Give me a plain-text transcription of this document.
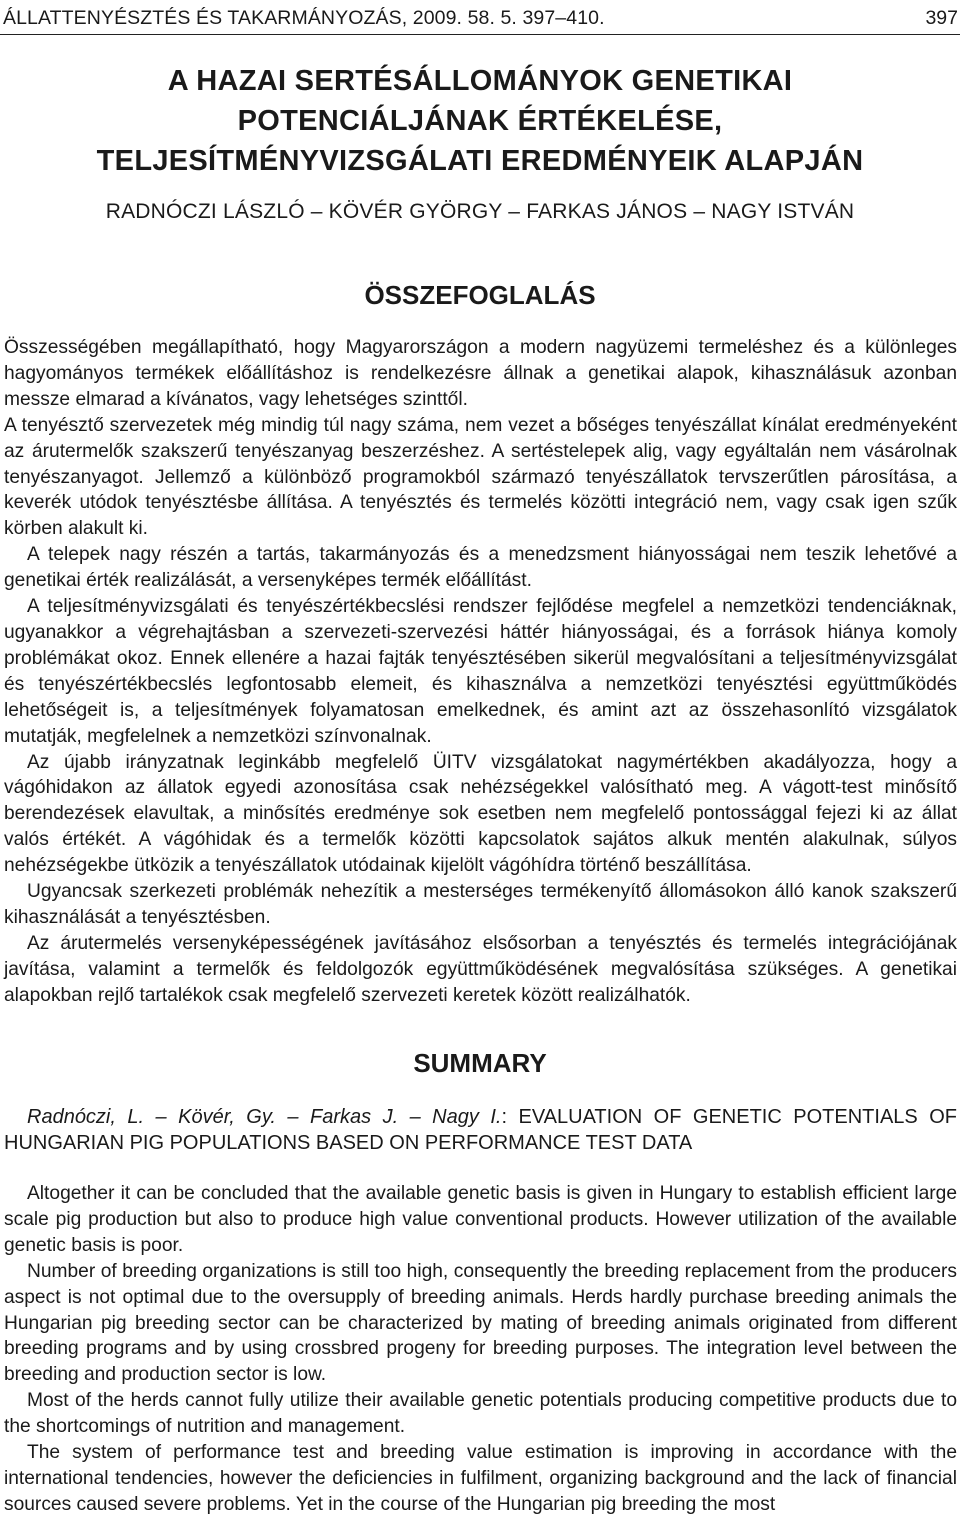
ÁLLATTENYÉSZTÉS ÉS TAKARMÁNYOZÁS, 2009. 58. 5. 397–410.	397
A HAZAI SERTÉSÁLLOMÁNYOK GENETIKAI
POTENCIÁLJÁNAK ÉRTÉKELÉSE,
TELJESÍTMÉNYVIZSGÁLATI EREDMÉNYEIK ALAPJÁN
RADNÓCZI LÁSZLÓ – KÖVÉR GYÖRGY – FARKAS JÁNOS – NAGY ISTVÁN
ÖSSZEFOGLALÁS

Összességében megállapítható, hogy Magyarországon a modern nagyüzemi termeléshez és a különleges hagyományos termékek előállításhoz is rendelkezésre állnak a genetikai alapok, kihasználásuk azonban messze elmarad a kívánatos, vagy lehetséges szinttől.

A tenyésztő szervezetek még mindig túl nagy száma, nem vezet a bőséges tenyészállat kínálat eredményeként az árutermelők szakszerű tenyészanyag beszerzéshez. A sertéstelepek alig, vagy egyáltalán nem vásárolnak tenyészanyagot. Jellemző a különböző programokból származó tenyészállatok tervszerűtlen párosítása, a keverék utódok tenyésztésbe állítása. A tenyésztés és termelés közötti integráció nem, vagy csak igen szűk körben alakult ki.

A telepek nagy részén a tartás, takarmányozás és a menedzsment hiányosságai nem teszik lehetővé a genetikai érték realizálását, a versenyképes termék előállítást.

A teljesítményvizsgálati és tenyészértékbecslési rendszer fejlődése megfelel a nemzetközi tendenciáknak, ugyanakkor a végrehajtásban a szervezeti-szervezési háttér hiányosságai, és a források hiánya komoly problémákat okoz. Ennek ellenére a hazai fajták tenyésztésében sikerül megvalósítani a teljesítményvizsgálat és tenyészértékbecslés legfontosabb elemeit, és kihasználva a nemzetközi tenyésztési együttműködés lehetőségeit is, a teljesítmények folyamatosan emelkednek, és amint azt az összehasonlító vizsgálatok mutatják, megfelelnek a nemzetközi színvonalnak.

Az újabb irányzatnak leginkább megfelelő ÜITV vizsgálatokat nagymértékben akadályozza, hogy a vágóhidakon az állatok egyedi azonosítása csak nehézségekkel valósítható meg. A vágott-test minősítő berendezések elavultak, a minősítés eredménye sok esetben nem megfelelő pontossággal fejezi ki az állat valós értékét. A vágóhidak és a termelők közötti kapcsolatok sajátos alkuk mentén alakulnak, súlyos nehézségekbe ütközik a tenyészállatok utódainak kijelölt vágóhídra történő beszállítása.

Ugyancsak szerkezeti problémák nehezítik a mesterséges termékenyítő állomásokon álló kanok szakszerű kihasználását a tenyésztésben.

Az árutermelés versenyképességének javításához elsősorban a tenyésztés és termelés integrációjának javítása, valamint a termelők és feldolgozók együttműködésének megvalósítása szükséges. A genetikai alapokban rejlő tartalékok csak megfelelő szervezeti keretek között realizálhatók.

SUMMARY
Radnóczi, L. – Kövér, Gy. – Farkas J. – Nagy I.: EVALUATION OF GENETIC POTENTIALS OF HUNGARIAN PIG POPULATIONS BASED ON PERFORMANCE TEST DATA

Altogether it can be concluded that the available genetic basis is given in Hungary to establish efficient large scale pig production but also to produce high value conventional products. However utilization of the available genetic basis is poor.

Number of breeding organizations is still too high, consequently the breeding replacement from the producers aspect is not optimal due to the oversupply of breeding animals. Herds hardly purchase breeding animals the Hungarian pig breeding sector can be characterized by mating of breeding animals originated from different breeding programs and by using crossbred progeny for breeding purposes. The integration level between the breeding and production sector is low.

Most of the herds cannot fully utilize their available genetic potentials producing competitive products due to the shortcomings of nutrition and management.

The system of performance test and breeding value estimation is improving in accordance with the international tendencies, however the deficiencies in fulfilment, organizing background and the lack of financial sources caused severe problems. Yet in the course of the Hungarian pig breeding the most
